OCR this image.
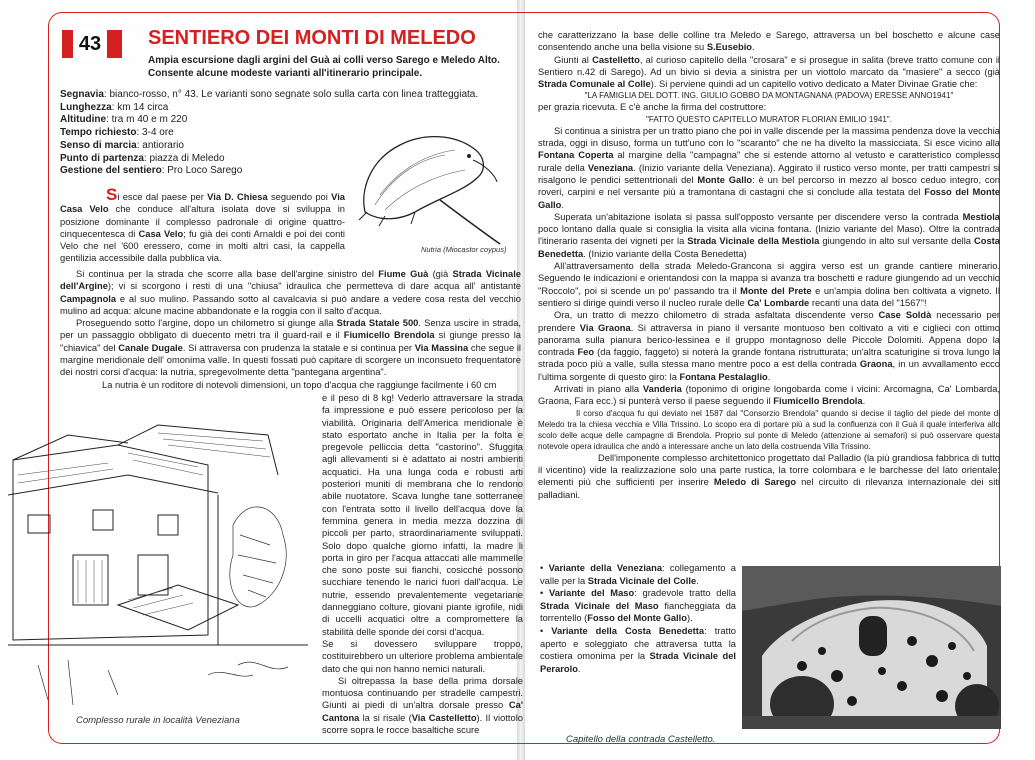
43 SENTIERO DEI MONTI DI MELEDO
Ampia escursione dagli argini del Guà ai colli verso Sarego e Meledo Alto.
Consente alcune modeste varianti all'itinerario principale.
Segnavia: bianco-rosso, n° 43. Le varianti sono segnate solo sulla carta con linea tratteggiata.
Lunghezza: km 14 circa
Altitudine: tra m 40 e m 220
Tempo richiesto: 3-4 ore
Senso di marcia: antiorario
Punto di partenza: piazza di Meledo
Gestione del sentiero: Pro Loco Sarego
Nutria (Miocastor coypus)

Si esce dal paese per Via D. Chiesa seguendo poi Via Casa Velo che conduce all'altura isolata dove si sviluppa in posizione dominante il complesso padronale di origine quattro-cinquecentesca di Casa Velo; fu già dei conti Arnaldi e poi dei conti Velo che nel '600 eressero, come in molti altri casi, la cappella gentilizia accessibile dalla pubblica via.

Si continua per la strada che scorre alla base dell'argine sinistro del Fiume Guà (già Strada Vicinale dell'Argine); vi si scorgono i resti di una "chiusa" idraulica che permetteva di dare acqua all' antistante Campagnola e al suo mulino. Passando sotto al cavalcavia si può andare a vedere cosa resta del vecchio mulino ad acqua: alcune macine abbandonate e la roggia con il salto d'acqua.

Proseguendo sotto l'argine, dopo un chilometro si giunge alla Strada Statale 500. Senza uscire in strada, per un passaggio obbligato di duecento metri tra il guard-rail e il Fiumicello Brendola si giunge presso la "chiavica" del Canale Dugale. Si attraversa con prudenza la statale e si continua per Via Massina che segue il margine meridionale dell' omonima valle. In questi fossati può capitare di scorgere un inconsueto frequentatore dei nostri corsi d'acqua: la nutria, spregevolmente detta "pantegana argentina".

La nutria è un roditore di notevoli dimensioni, un topo d'acqua che raggiunge facilmente i 60 cm

e il peso di 8 kg! Vederlo attraversare la strada fa impressione e può essere pericoloso per la viabilità. Originaria dell'America meridionale è stato esportato anche in Italia per la folta e pregevole pelliccia detta "castorino". Sfuggita agli allevamenti si è adattato ai nostri ambienti acquatici. Ha una lunga coda e robusti arti posteriori muniti di membrana che lo rendono abile nuotatore. Scava lunghe tane sotterranee con l'entrata sotto il livello dell'acqua dove la femmina genera in media mezza dozzina di piccoli per parto, straordinariamente sviluppati. Solo dopo qualche giorno infatti, la madre li porta in giro per l'acqua attaccati alle mammelle che sono poste sui fianchi, cosicché possono succhiare tenendo le narici fuori dall'acqua. Le nutrie, essendo prevalentemente vegetariane danneggiano colture, giovani piante igrofile, nidi di uccelli acquatici oltre a compromettere la stabilità delle sponde dei corsi d'acqua.

Se si dovessero sviluppare troppo, costituirebbero un ulteriore problema ambientale dato che qui non hanno nemici naturali.

Si oltrepassa la base della prima dorsale montuosa continuando per stradelle campestri. Giunti ai piedi di un'altra dorsale presso Ca' Cantona la si risale (Via Castelletto). Il viottolo scorre sopra le rocce basaltiche scure

Complesso rurale in località Veneziana

che caratterizzano la base delle colline tra Meledo e Sarego, attraversa un bel boschetto e alcune case consentendo anche una bella visione su S.Eusebio.

Giunti al Castelletto, al curioso capitello della "crosara" e si prosegue in salita (breve tratto comune con il Sentiero n.42 di Sarego). Ad un bivio si devia a sinistra per un viottolo marcato da "masiere" a secco (già Strada Comunale al Colle). Si perviene quindi ad un capitello votivo dedicato a Mater Divinae Gratie che:

"LA FAMIGLIA DEL DOTT. ING. GIULIO GOBBO DA MONTAGNANA (PADOVA) ERESSE ANNO1941"

per grazia ricevuta. E c'è anche la firma del costruttore:

"FATTO QUESTO CAPITELLO MURATOR FLORIAN EMILIO 1941".

Si continua a sinistra per un tratto piano che poi in valle discende per la massima pendenza dove la vecchia strada, oggi in disuso, forma un tutt'uno con lo "scaranto" che ne ha divelto la massicciata. Si esce vicino alla Fontana Coperta al margine della "campagna" che si estende attorno al vetusto e caratteristico complesso rurale della Veneziana. (Inizio variante della Veneziana). Aggirato il rustico verso monte, per tratti campestri si risalgono le pendici settentrionali del Monte Gallo: è un bel percorso in mezzo al bosco ceduo integro, con roveri, carpini e nel versante più a tramontana di castagni che si conclude alla testata del Fosso del Monte Gallo.

Superata un'abitazione isolata si passa sull'opposto versante per discendere verso la contrada Mestiola poco lontano dalla quale si consiglia la visita alla vicina fontana. (Inizio variante del Maso). Oltre la contrada l'itinerario rasenta dei vigneti per la Strada Vicinale della Mestiola giungendo in alto sul versante della Costa Benedetta. (Inizio variante della Costa Benedetta)

All'attraversamento della strada Meledo-Grancona si aggira verso est un grande cantiere minerario. Seguendo le indicazioni e orientandosi con la mappa si avanza tra boschetti e radure giungendo ad un vecchio "Roccolo", poi si scende un po' passando tra il Monte del Prete e un'ampia dolina ben coltivata a vigneto. Il sentiero si dirige quindi verso il nucleo rurale delle Ca' Lombarde recanti una data del "1567"!

Ora, un tratto di mezzo chilometro di strada asfaltata discendente verso Case Soldà necessario per prendere Via Graona. Si attraversa in piano il versante montuoso ben coltivato a viti e ciglieci con ottimo panorama sulla pianura berico-lessinea e il gruppo montagnoso delle Piccole Dolomiti. Appena dopo la contrada Feo (da faggio, faggeto) si noterà la grande fontana ristrutturata; un'altra scaturigine si trova lungo la strada poco più a valle, sulla stessa mano mentre poco a est della contrada Graona, in un avvallamento ecco l'ultima sorgente di questo giro: la Fontana Pestalaglio.

Arrivati in piano alla Vanderia (toponimo di origine longobarda come i vicini: Arcomagna, Ca' Lombarda, Graona, Fara ecc.) si punterà verso il paese seguendo il Fiumicello Brendola.

Il corso d'acqua fu qui deviato nel 1587 dal "Consorzio Brendola" quando si decise il taglio del piede del monte di Meledo tra la chiesa vecchia e Villa Trissino. Lo scopo era di portare più a sud la confluenza con il Guà il quale interferiva allo scolo delle acque delle campagne di Brendola. Proprio sul ponte di Meledo (attenzione ai semafori) si può osservare questa notevole opera idraulica che andò a interessare anche un lato della costruenda Villa Trissino.

Dell'imponente complesso architettonico progettato dal Palladio (la più grandiosa fabbrica di tutto il vicentino) vide la realizzazione solo una parte rustica, la torre colombara e le barchesse del lato orientale: elementi più che sufficienti per inserire Meledo di Sarego nel circuito di rilevanza internazionale dei siti palladiani.

• Variante della Veneziana: collegamento a valle per la Strada Vicinale del Colle.

• Variante del Maso: gradevole tratto della Strada Vicinale del Maso fiancheggiata da torrentello (Fosso del Monte Gallo).

• Variante della Costa Benedetta: tratto aperto e soleggiato che attraversa tutta la costiera omonima per la Strada Vicinale del Perarolo.

Capitello della contrada Castelletto.
